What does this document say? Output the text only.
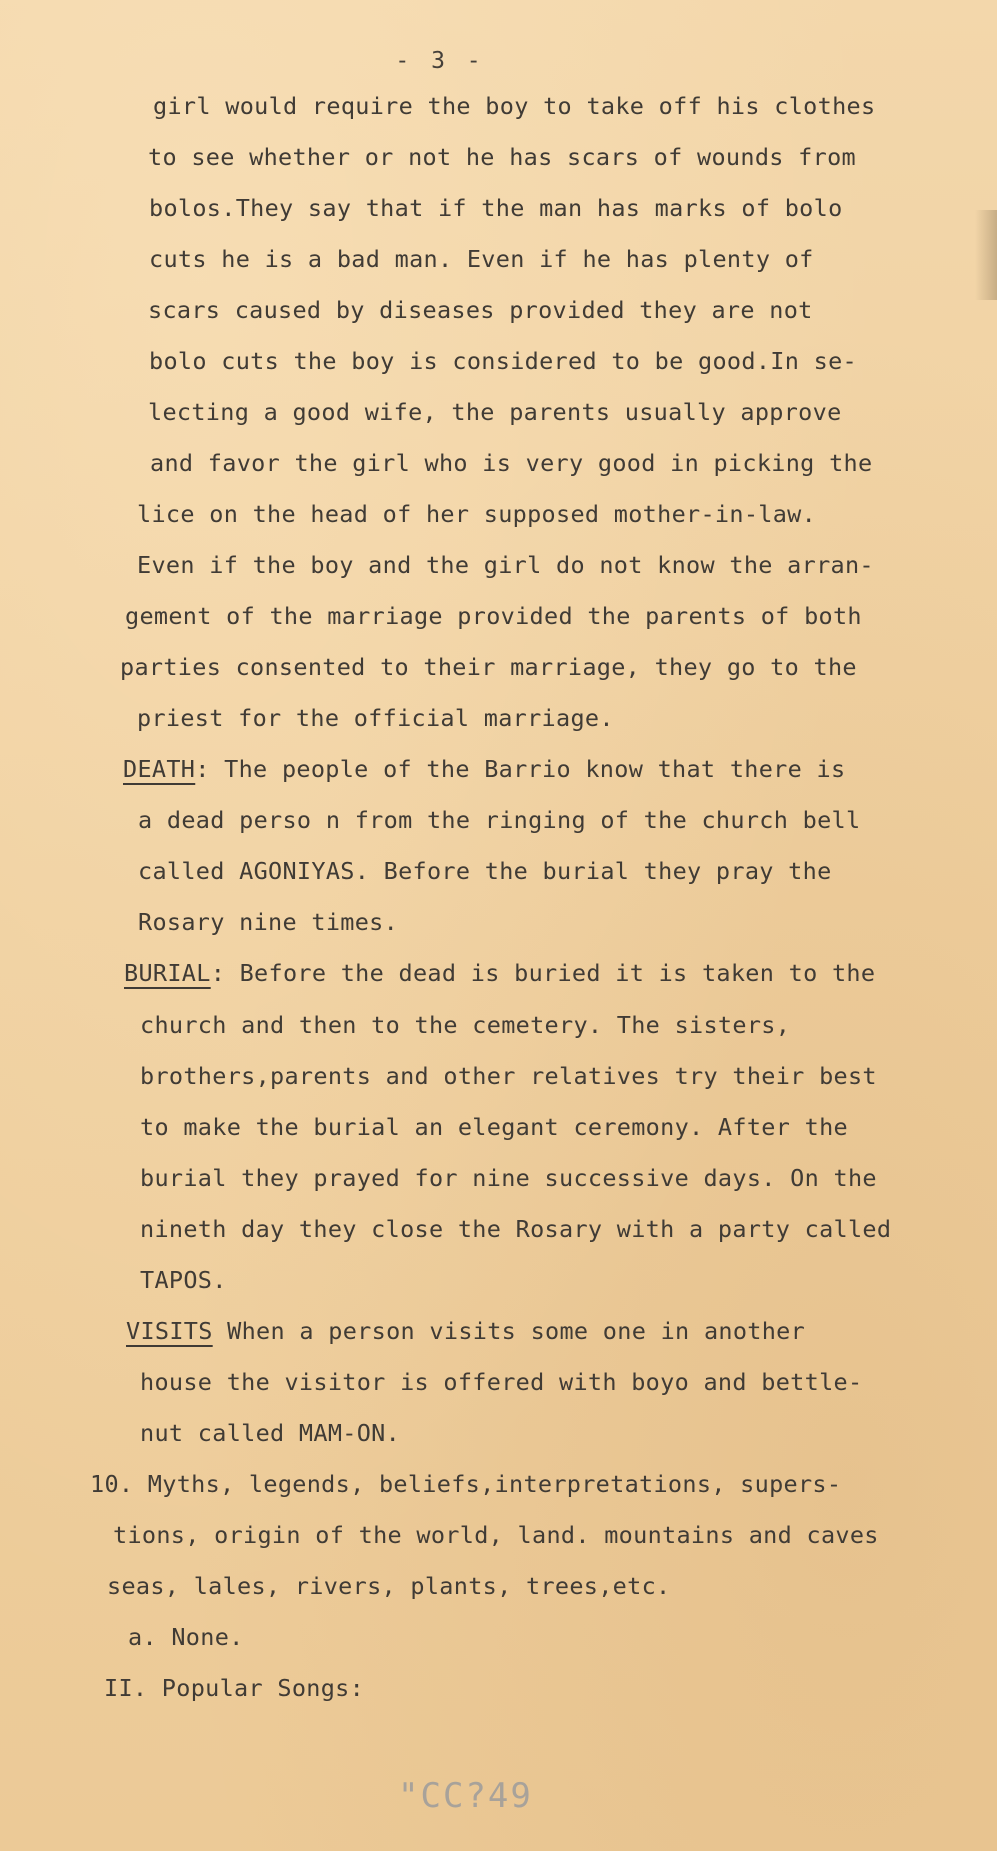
- 3 -
girl would require the boy to take off his clothes
to see whether or not he has scars of wounds from
bolos.They say that if the man has marks of bolo
cuts he is a bad man. Even if he has plenty of
scars caused by diseases provided they are not
bolo cuts the boy is considered to be good.In se-
lecting a good wife, the parents usually approve
and favor the girl who is very good in picking the
lice on the head of her supposed mother-in-law.
Even if the boy and the girl do not know the arran-
gement of the marriage provided the parents of both
parties consented to their marriage, they go to the
priest for the official marriage.
DEATH: The people of the Barrio know that there is
a dead perso n from the ringing of the church bell
called AGONIYAS. Before the burial they pray the
Rosary nine times.
BURIAL: Before the dead is buried it is taken to the
church and then to the cemetery. The sisters,
brothers,parents and other relatives try their best
to make the burial an elegant ceremony. After the
burial they prayed for nine successive days. On the
nineth day they close the Rosary with a party called
TAPOS.
VISITS When a person visits some one in another
house the visitor is offered with boyo and bettle-
nut called MAM-ON.
10. Myths, legends, beliefs,interpretations, supers-
tions, origin of the world, land. mountains and caves
seas, lales, rivers, plants, trees,etc.
a. None.
II. Popular Songs:
"CC?49
